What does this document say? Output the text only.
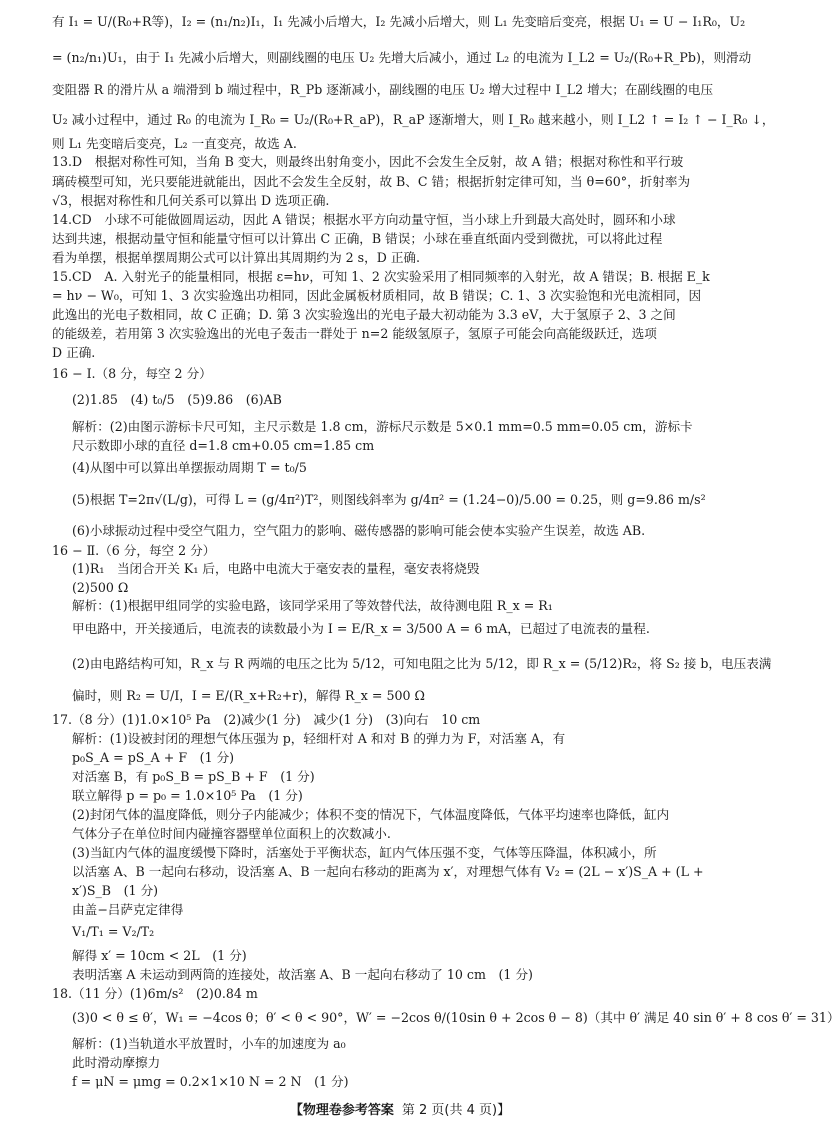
有 I₁ = U/(R₀+R等)，I₂ = (n₁/n₂)I₁，I₁ 先减小后增大，I₂ 先减小后增大，则 L₁ 先变暗后变亮，根据 U₁ = U − I₁R₀，U₂
= (n₂/n₁)U₁，由于 I₁ 先减小后增大，则副线圈的电压 U₂ 先增大后减小，通过 L₂ 的电流为 I_L2 = U₂/(R₀+R_Pb)，则滑动
变阻器 R 的滑片从 a 端滑到 b 端过程中，R_Pb 逐渐减小，副线圈的电压 U₂ 增大过程中 I_L2 增大；在副线圈的电压
U₂ 减小过程中，通过 R₀ 的电流为 I_R₀ = U₂/(R₀+R_aP)，R_aP 逐渐增大，则 I_R₀ 越来越小，则 I_L2 ↑ = I₂ ↑ − I_R₀ ↓，
则 L₁ 先变暗后变亮，L₂ 一直变亮，故选 A.
13.D　根据对称性可知，当角 B 变大，则最终出射角变小，因此不会发生全反射，故 A 错；根据对称性和平行玻
璃砖模型可知，光只要能进就能出，因此不会发生全反射，故 B、C 错；根据折射定律可知，当 θ=60°，折射率为
√3，根据对称性和几何关系可以算出 D 选项正确.
14.CD　小球不可能做圆周运动，因此 A 错误；根据水平方向动量守恒，当小球上升到最大高处时，圆环和小球
达到共速，根据动量守恒和能量守恒可以计算出 C 正确，B 错误；小球在垂直纸面内受到微扰，可以将此过程
看为单摆，根据单摆周期公式可以计算出其周期约为 2 s，D 正确.
15.CD　A. 入射光子的能量相同，根据 ε=hν，可知 1、2 次实验采用了相同频率的入射光，故 A 错误；B. 根据 E_k
= hν − W₀，可知 1、3 次实验逸出功相同，因此金属板材质相同，故 B 错误；C. 1、3 次实验饱和光电流相同，因
此逸出的光电子数相同，故 C 正确；D. 第 3 次实验逸出的光电子最大初动能为 3.3 eV，大于氢原子 2、3 之间
的能级差，若用第 3 次实验逸出的光电子轰击一群处于 n=2 能级氢原子，氢原子可能会向高能级跃迁，选项
D 正确.
16 − Ⅰ.（8 分，每空 2 分）
(2)1.85　(4) t₀/5　(5)9.86　(6)AB
解析：(2)由图示游标卡尺可知，主尺示数是 1.8 cm，游标尺示数是 5×0.1 mm=0.5 mm=0.05 cm，游标卡
尺示数即小球的直径 d=1.8 cm+0.05 cm=1.85 cm
(4)从图中可以算出单摆振动周期 T = t₀/5
(5)根据 T=2π√(L/g)，可得 L = (g/4π²)T²，则图线斜率为 g/4π² = (1.24−0)/5.00 = 0.25，则 g=9.86 m/s²
(6)小球振动过程中受空气阻力，空气阻力的影响、磁传感器的影响可能会使本实验产生误差，故选 AB.
16 − Ⅱ.（6 分，每空 2 分）
(1)R₁　当闭合开关 K₁ 后，电路中电流大于毫安表的量程，毫安表将烧毁
(2)500 Ω
解析：(1)根据甲组同学的实验电路，该同学采用了等效替代法，故待测电阻 R_x = R₁
甲电路中，开关接通后，电流表的读数最小为 I = E/R_x = 3/500 A = 6 mA，已超过了电流表的量程.
(2)由电路结构可知，R_x 与 R 两端的电压之比为 5/12，可知电阻之比为 5/12，即 R_x = (5/12)R₂，将 S₂ 接 b，电压表满
偏时，则 R₂ = U/I，I = E/(R_x+R₂+r)，解得 R_x = 500 Ω
17.（8 分）(1)1.0×10⁵ Pa　(2)减少(1 分)　减少(1 分)　(3)向右　10 cm
解析：(1)设被封闭的理想气体压强为 p，轻细杆对 A 和对 B 的弹力为 F，对活塞 A，有
p₀S_A = pS_A + F　(1 分)
对活塞 B，有 p₀S_B = pS_B + F　(1 分)
联立解得 p = p₀ = 1.0×10⁵ Pa　(1 分)
(2)封闭气体的温度降低，则分子内能减少；体积不变的情况下，气体温度降低，气体平均速率也降低，缸内
气体分子在单位时间内碰撞容器壁单位面积上的次数减小.
(3)当缸内气体的温度缓慢下降时，活塞处于平衡状态，缸内气体压强不变，气体等压降温，体积减小，所
以活塞 A、B 一起向右移动，设活塞 A、B 一起向右移动的距离为 x′，对理想气体有 V₂ = (2L − x′)S_A + (L +
x′)S_B　(1 分)
由盖−吕萨克定律得
V₁/T₁ = V₂/T₂
解得 x′ = 10cm < 2L　(1 分)
表明活塞 A 未运动到两筒的连接处，故活塞 A、B 一起向右移动了 10 cm　(1 分)
18.（11 分）(1)6m/s²　(2)0.84 m
(3)0 < θ ≤ θ′，W₁ = −4cos θ；θ′ < θ < 90°，W′ = −2cos θ/(10sin θ + 2cos θ − 8)（其中 θ′ 满足 40 sin θ′ + 8 cos θ′ = 31）
解析：(1)当轨道水平放置时，小车的加速度为 a₀
此时滑动摩擦力
f = μN = μmg = 0.2×1×10 N = 2 N　(1 分)
【物理卷参考答案 第 2 页(共 4 页)】
